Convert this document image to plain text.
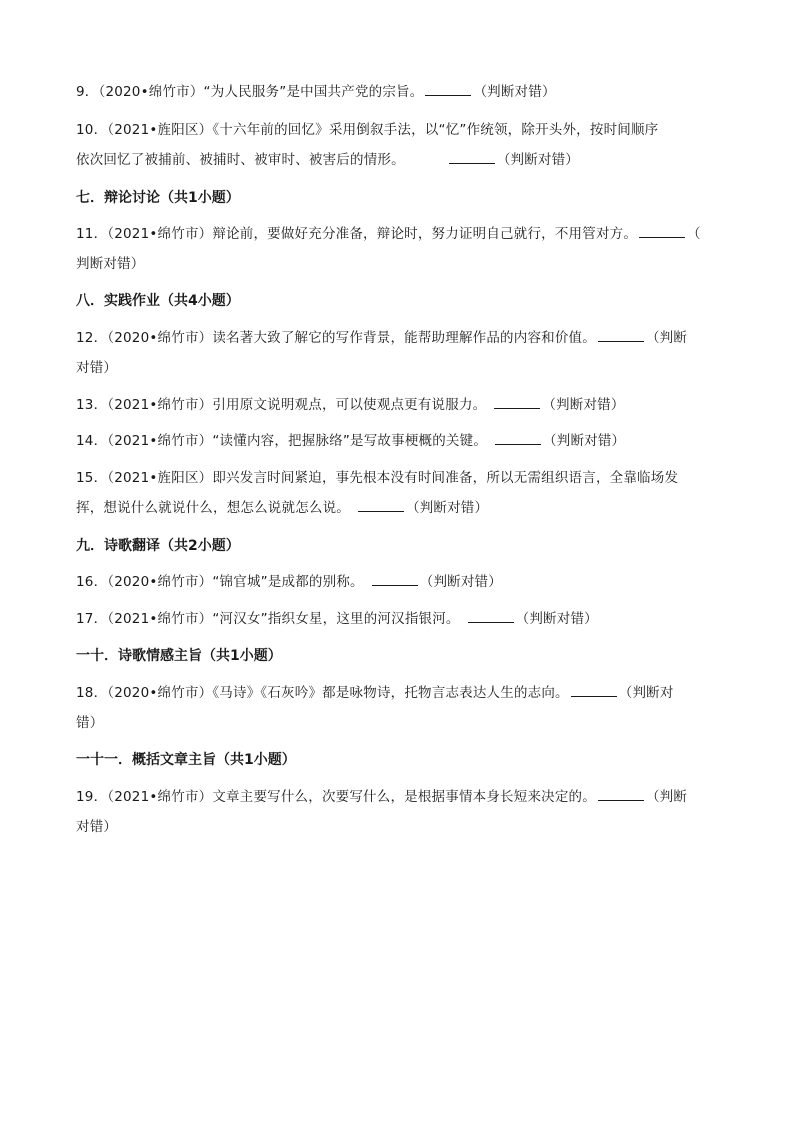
9．（2020•绵竹市）“为人民服务”是中国共产党的宗旨。	（判断对错）
10．（2021•旌阳区）《十六年前的回忆》采用倒叙手法，以“忆”作统领，除开头外，按时间顺序
依次回忆了被捕前、被捕时、被审时、被害后的情形。	（判断对错）
七．辩论讨论（共1小题）
11．（2021•绵竹市）辩论前，要做好充分准备，辩论时，努力证明自己就行，不用管对方。	（
判断对错）
八．实践作业（共4小题）
12．（2020•绵竹市）读名著大致了解它的写作背景，能帮助理解作品的内容和价值。	（判断
对错）
13．（2021•绵竹市）引用原文说明观点，可以使观点更有说服力。	（判断对错）
14．（2021•绵竹市）“读懂内容，把握脉络”是写故事梗概的关键。	（判断对错）
15．（2021•旌阳区）即兴发言时间紧迫，事先根本没有时间准备，所以无需组织语言，全靠临场发
挥，想说什么就说什么，想怎么说就怎么说。	（判断对错）
九．诗歌翻译（共2小题）
16．（2020•绵竹市）“锦官城”是成都的别称。	（判断对错）
17．（2021•绵竹市）“河汉女”指织女星，这里的河汉指银河。	（判断对错）
一十．诗歌情感主旨（共1小题）
18．（2020•绵竹市）《马诗》《石灰吟》都是咏物诗，托物言志表达人生的志向。	（判断对
错）
一十一．概括文章主旨（共1小题）
19．（2021•绵竹市）文章主要写什么，次要写什么，是根据事情本身长短来决定的。	（判断
对错）
